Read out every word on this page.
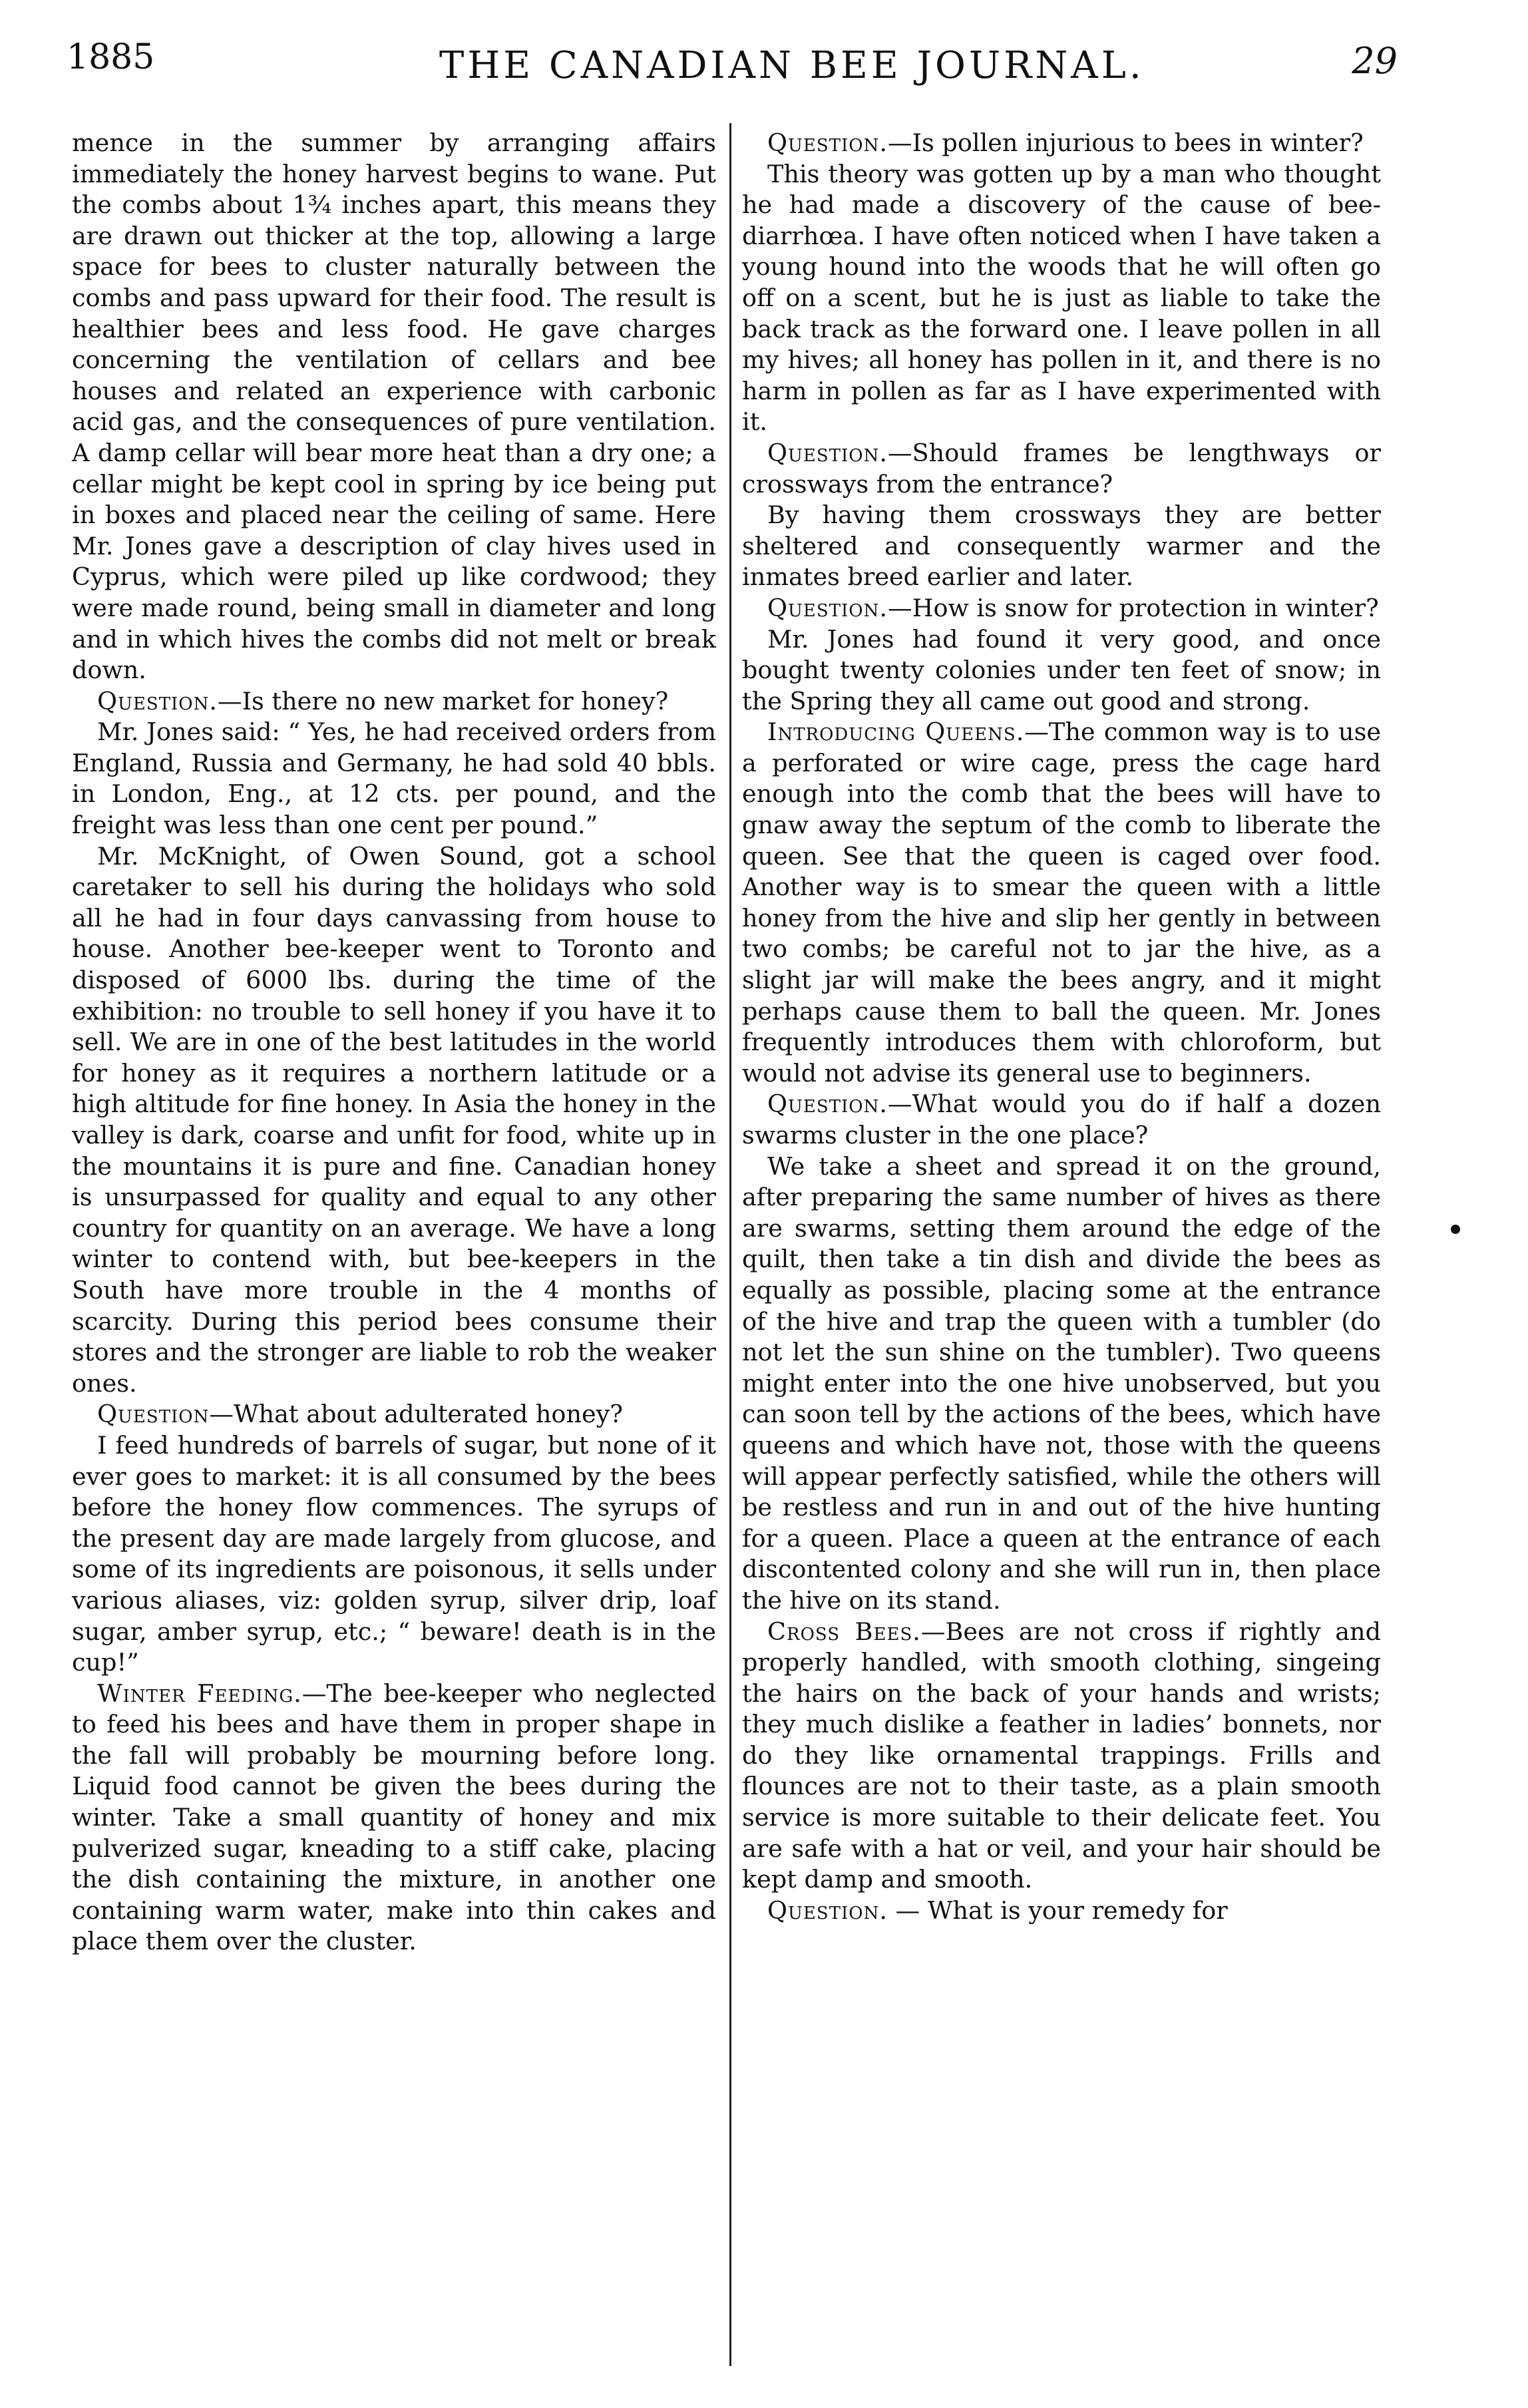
1885	THE CANADIAN BEE JOURNAL.	29

mence in the summer by arranging affairs immediately the honey harvest begins to wane. Put the combs about 1¾ inches apart, this means they are drawn out thicker at the top, allowing a large space for bees to cluster naturally between the combs and pass upward for their food. The result is healthier bees and less food. He gave charges concerning the ventilation of cellars and bee houses and related an experience with carbonic acid gas, and the consequences of pure ventilation. A damp cellar will bear more heat than a dry one; a cellar might be kept cool in spring by ice being put in boxes and placed near the ceiling of same. Here Mr. Jones gave a description of clay hives used in Cyprus, which were piled up like cordwood; they were made round, being small in diameter and long and in which hives the combs did not melt or break down.

Question.—Is there no new market for honey?

Mr. Jones said: “ Yes, he had received orders from England, Russia and Germany, he had sold 40 bbls. in London, Eng., at 12 cts. per pound, and the freight was less than one cent per pound.”

Mr. McKnight, of Owen Sound, got a school caretaker to sell his during the holidays who sold all he had in four days canvassing from house to house. Another bee-keeper went to Toronto and disposed of 6000 lbs. during the time of the exhibition: no trouble to sell honey if you have it to sell. We are in one of the best latitudes in the world for honey as it requires a northern latitude or a high altitude for fine honey. In Asia the honey in the valley is dark, coarse and unfit for food, white up in the mountains it is pure and fine. Canadian honey is unsurpassed for quality and equal to any other country for quantity on an average. We have a long winter to contend with, but bee-keepers in the South have more trouble in the 4 months of scarcity. During this period bees consume their stores and the stronger are liable to rob the weaker ones.

Question—What about adulterated honey?

I feed hundreds of barrels of sugar, but none of it ever goes to market: it is all consumed by the bees before the honey flow commences. The syrups of the present day are made largely from glucose, and some of its ingredients are poisonous, it sells under various aliases, viz: golden syrup, silver drip, loaf sugar, amber syrup, etc.; “ beware! death is in the cup!”

Winter Feeding.—The bee-keeper who neglected to feed his bees and have them in proper shape in the fall will probably be mourning before long. Liquid food cannot be given the bees during the winter. Take a small quantity of honey and mix pulverized sugar, kneading to a stiff cake, placing the dish containing the mixture, in another one containing warm water, make into thin cakes and place them over the cluster.

Question.—Is pollen injurious to bees in winter?

This theory was gotten up by a man who thought he had made a discovery of the cause of bee-diarrhœa. I have often noticed when I have taken a young hound into the woods that he will often go off on a scent, but he is just as liable to take the back track as the forward one. I leave pollen in all my hives; all honey has pollen in it, and there is no harm in pollen as far as I have experimented with it.

Question.—Should frames be lengthways or crossways from the entrance?

By having them crossways they are better sheltered and consequently warmer and the inmates breed earlier and later.

Question.—How is snow for protection in winter?

Mr. Jones had found it very good, and once bought twenty colonies under ten feet of snow; in the Spring they all came out good and strong.

Introducing Queens.—The common way is to use a perforated or wire cage, press the cage hard enough into the comb that the bees will have to gnaw away the septum of the comb to liberate the queen. See that the queen is caged over food. Another way is to smear the queen with a little honey from the hive and slip her gently in between two combs; be careful not to jar the hive, as a slight jar will make the bees angry, and it might perhaps cause them to ball the queen. Mr. Jones frequently introduces them with chloroform, but would not advise its general use to beginners.

Question.—What would you do if half a dozen swarms cluster in the one place?

We take a sheet and spread it on the ground, after preparing the same number of hives as there are swarms, setting them around the edge of the quilt, then take a tin dish and divide the bees as equally as possible, placing some at the entrance of the hive and trap the queen with a tumbler (do not let the sun shine on the tumbler). Two queens might enter into the one hive unobserved, but you can soon tell by the actions of the bees, which have queens and which have not, those with the queens will appear perfectly satisfied, while the others will be restless and run in and out of the hive hunting for a queen. Place a queen at the entrance of each discontented colony and she will run in, then place the hive on its stand.

Cross Bees.—Bees are not cross if rightly and properly handled, with smooth clothing, singeing the hairs on the back of your hands and wrists; they much dislike a feather in ladies’ bonnets, nor do they like ornamental trappings. Frills and flounces are not to their taste, as a plain smooth service is more suitable to their delicate feet. You are safe with a hat or veil, and your hair should be kept damp and smooth.

Question. — What is your remedy for
